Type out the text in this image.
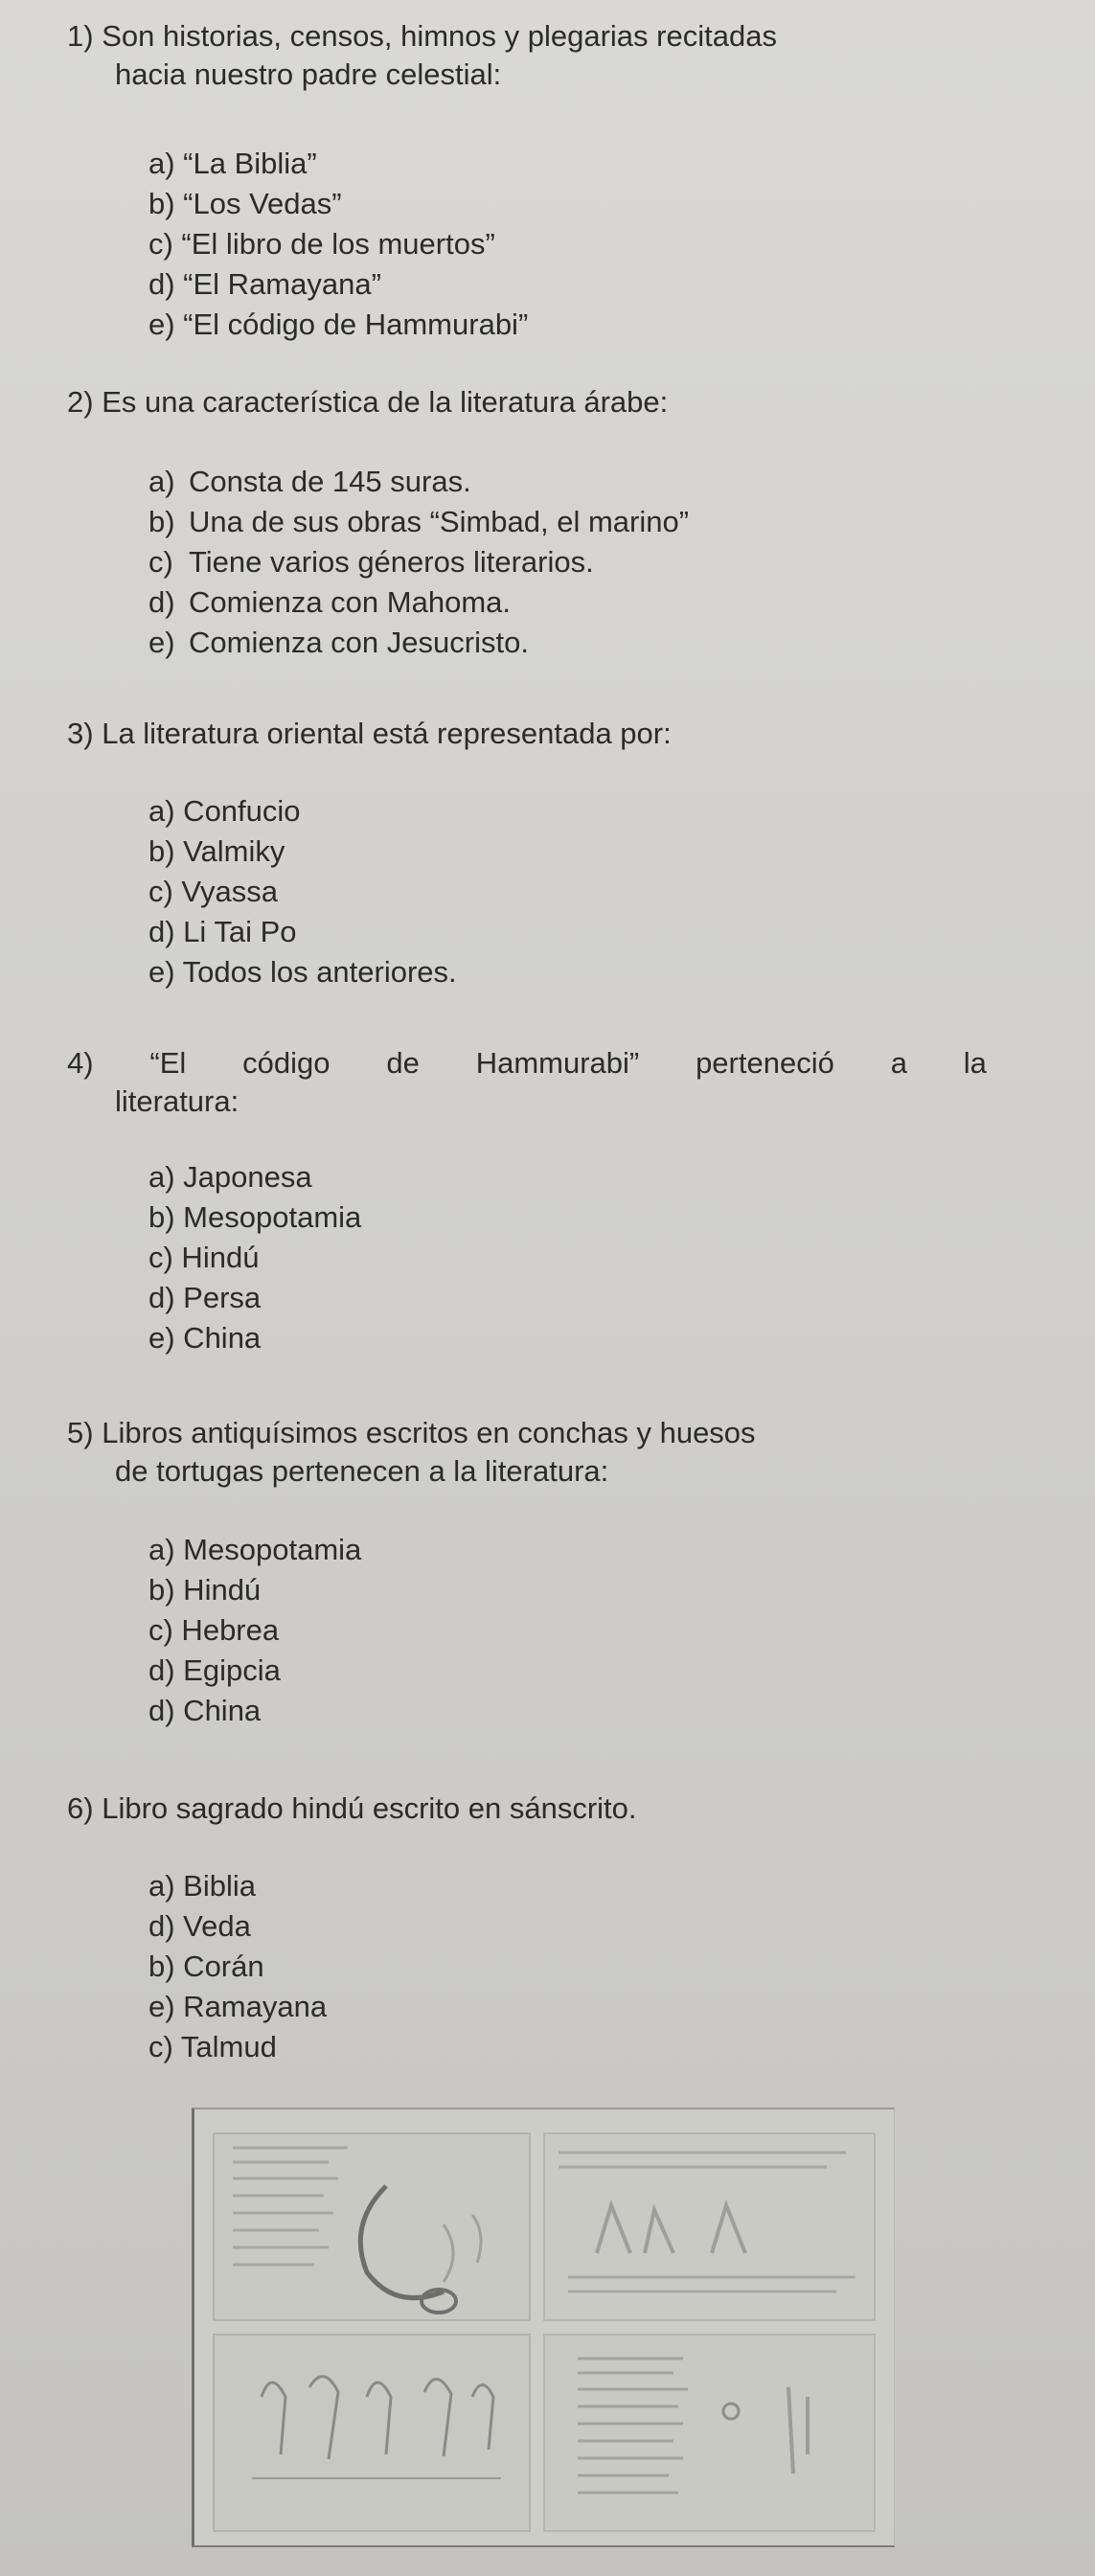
1) Son historias, censos, himnos y plegarias recitadas
hacia nuestro padre celestial:
a) “La Biblia”
b) “Los Vedas”
c) “El libro de los muertos”
d) “El Ramayana”
e) “El código de Hammurabi”
2) Es una característica de la literatura árabe:
a) Consta de 145 suras.
b) Una de sus obras “Simbad, el marino”
c) Tiene varios géneros literarios.
d) Comienza con Mahoma.
e) Comienza con Jesucristo.
3) La literatura oriental está representada por:
a) Confucio
b) Valmiky
c) Vyassa
d) Li Tai Po
e) Todos los anteriores.
4) “El código de Hammurabi” perteneció a la
literatura:
a) Japonesa
b) Mesopotamia
c) Hindú
d) Persa
e) China
5) Libros antiquísimos escritos en conchas y huesos
de tortugas pertenecen a la literatura:
a) Mesopotamia
b) Hindú
c) Hebrea
d) Egipcia
d) China
6) Libro sagrado hindú escrito en sánscrito.
a) Biblia
d) Veda
b) Corán
e) Ramayana
c) Talmud
